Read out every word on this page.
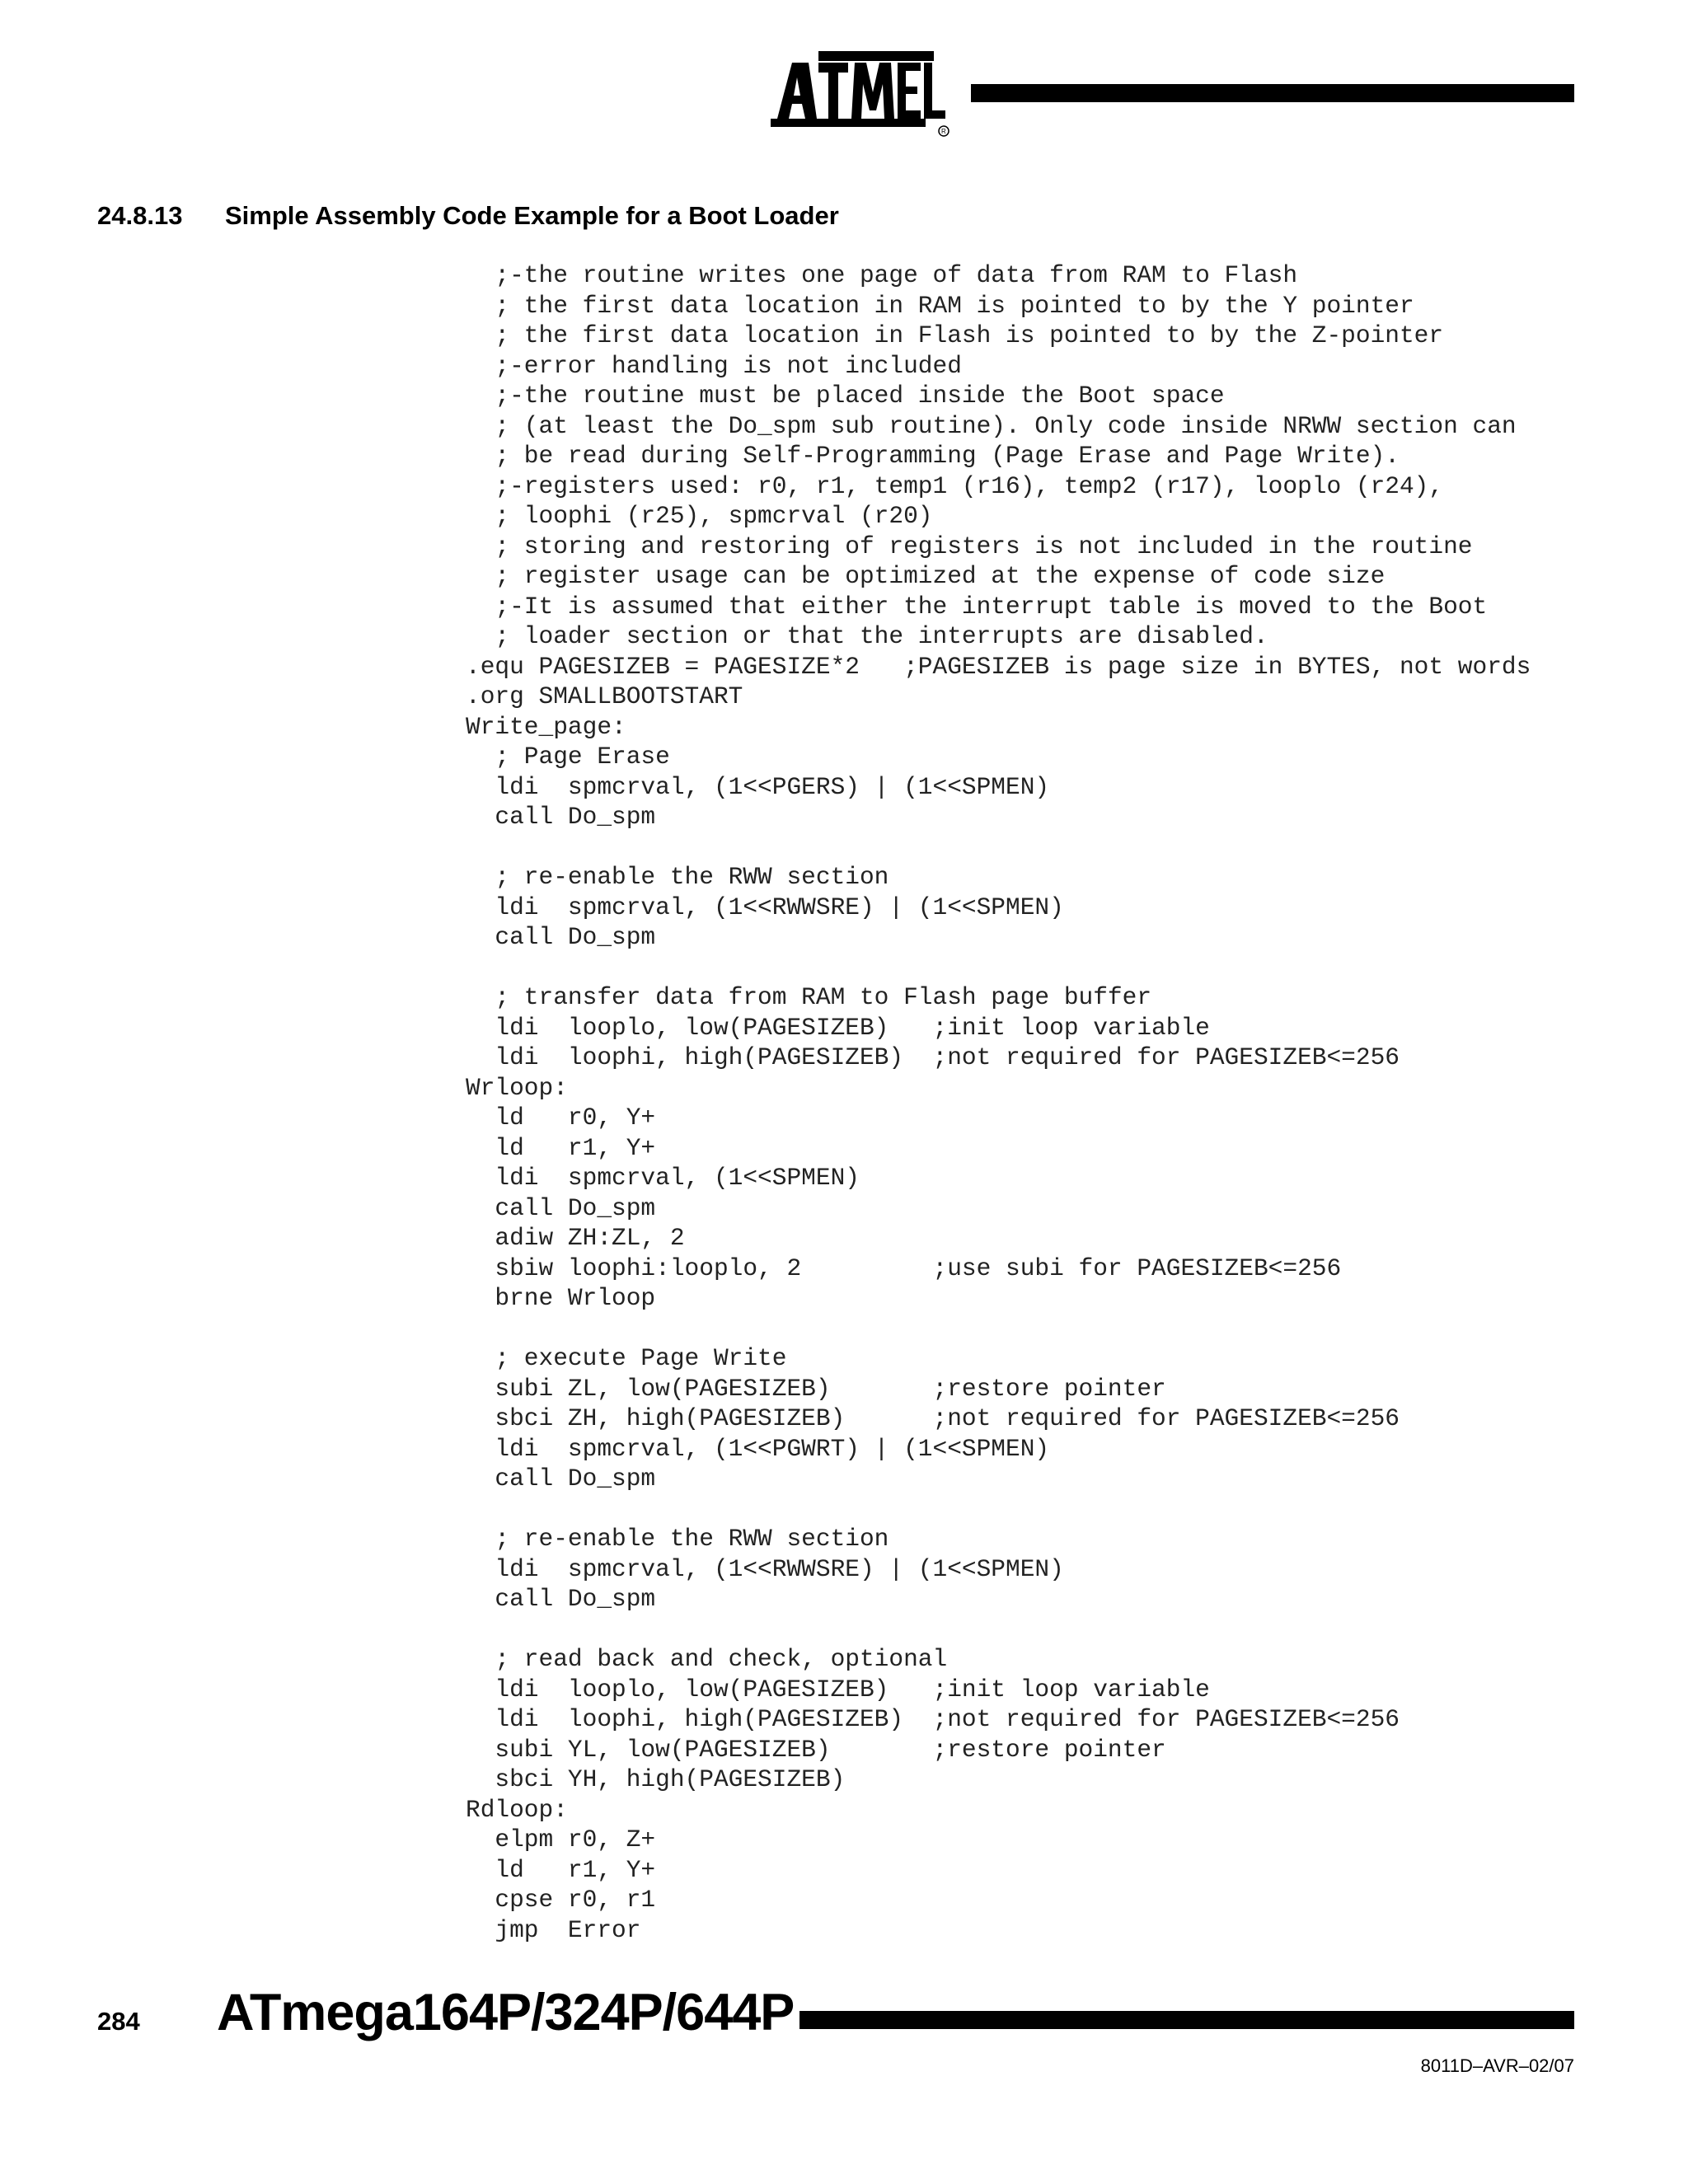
R
24.8.13 Simple Assembly Code Example for a Boot Loader
;-the routine writes one page of data from RAM to Flash
; the first data location in RAM is pointed to by the Y pointer
; the first data location in Flash is pointed to by the Z-pointer
;-error handling is not included
;-the routine must be placed inside the Boot space
; (at least the Do_spm sub routine). Only code inside NRWW section can
; be read during Self-Programming (Page Erase and Page Write).
;-registers used: r0, r1, temp1 (r16), temp2 (r17), looplo (r24),
; loophi (r25), spmcrval (r20)
; storing and restoring of registers is not included in the routine
; register usage can be optimized at the expense of code size
;-It is assumed that either the interrupt table is moved to the Boot
; loader section or that the interrupts are disabled.
.equ PAGESIZEB = PAGESIZE*2   ;PAGESIZEB is page size in BYTES, not words
.org SMALLBOOTSTART
Write_page:
; Page Erase
ldi  spmcrval, (1<<PGERS) | (1<<SPMEN)
call Do_spm
; re-enable the RWW section
ldi  spmcrval, (1<<RWWSRE) | (1<<SPMEN)
call Do_spm
; transfer data from RAM to Flash page buffer
ldi  looplo, low(PAGESIZEB)   ;init loop variable
ldi  loophi, high(PAGESIZEB)  ;not required for PAGESIZEB<=256
Wrloop:
ld   r0, Y+
ld   r1, Y+
ldi  spmcrval, (1<<SPMEN)
call Do_spm
adiw ZH:ZL, 2
sbiw loophi:looplo, 2         ;use subi for PAGESIZEB<=256
brne Wrloop
; execute Page Write
subi ZL, low(PAGESIZEB)       ;restore pointer
sbci ZH, high(PAGESIZEB)      ;not required for PAGESIZEB<=256
ldi  spmcrval, (1<<PGWRT) | (1<<SPMEN)
call Do_spm
; re-enable the RWW section
ldi  spmcrval, (1<<RWWSRE) | (1<<SPMEN)
call Do_spm
; read back and check, optional
ldi  looplo, low(PAGESIZEB)   ;init loop variable
ldi  loophi, high(PAGESIZEB)  ;not required for PAGESIZEB<=256
subi YL, low(PAGESIZEB)       ;restore pointer
sbci YH, high(PAGESIZEB)
Rdloop:
elpm r0, Z+
ld   r1, Y+
cpse r0, r1
jmp  Error
284 ATmega164P/324P/644P
8011D–AVR–02/07
